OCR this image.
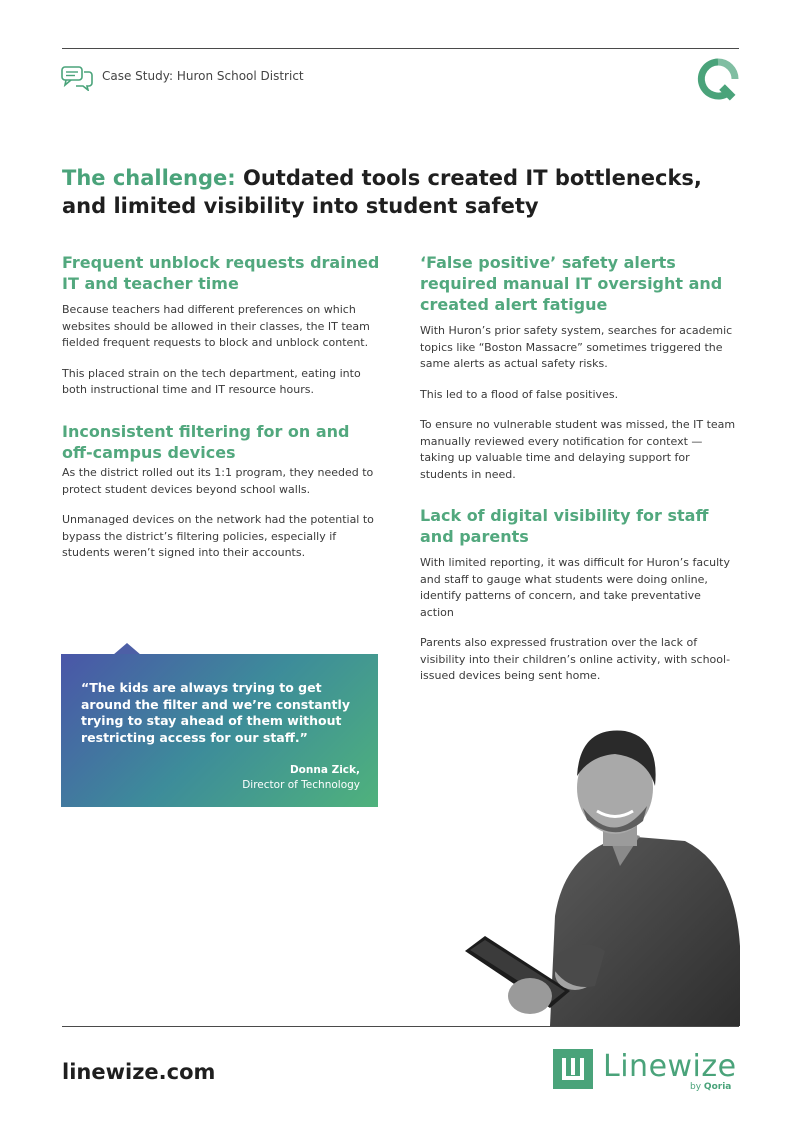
Case Study: Huron School District
The challenge: Outdated tools created IT bottlenecks, and limited visibility into student safety
Frequent unblock requests drained IT and teacher time

Because teachers had different preferences on which websites should be allowed in their classes, the IT team fielded frequent requests to block and unblock content.

This placed strain on the tech department, eating into both instructional time and IT resource hours.

Inconsistent filtering for on and off-campus devices

As the district rolled out its 1:1 program, they needed to protect student devices beyond school walls.

Unmanaged devices on the network had the potential to bypass the district’s filtering policies, especially if students weren’t signed into their accounts.

‘False positive’ safety alerts required manual IT oversight and created alert fatigue

With Huron’s prior safety system, searches for academic topics like “Boston Massacre” sometimes triggered the same alerts as actual safety risks.

This led to a flood of false positives.

To ensure no vulnerable student was missed, the IT team manually reviewed every notification for context — taking up valuable time and delaying support for students in need.

Lack of digital visibility for staff and parents

With limited reporting, it was difficult for Huron’s faculty and staff to gauge what students were doing online, identify patterns of concern, and take preventative action

Parents also expressed frustration over the lack of visibility into their children’s online activity, with school-issued devices being sent home.

“The kids are always trying to get around the filter and we’re constantly trying to stay ahead of them without restricting access for our staff.”
Donna Zick,
Director of Technology
linewize.com	Linewize
by Qoria
